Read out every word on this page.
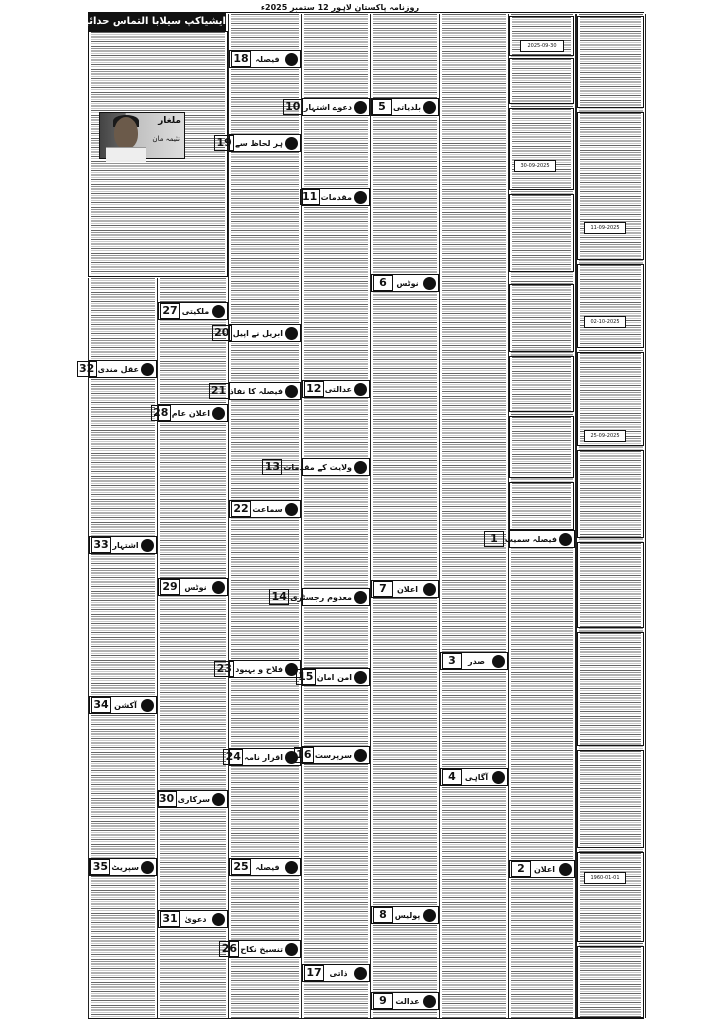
روزنامہ پاکستان لاہور 12 ستمبر 2025ء
ایشیاکپ سیلابا التماس حدائیر
ملغار
نثیمہ مان
2025-09-30
30-09-2025
02-10-2025
11-09-2025
25-09-2025
1960-01-01
فیصلہ
18
ہر لحاظ سے
19
ابریل نے اپیل
20
فیصلہ کا نفاذ
21
سماعت
22
فلاح و بہبود
23
اقرار نامہ
24
فیصلہ
25
تنسیخ نکاح
26
ملکیتی
27
اعلان عام
28
نوٹس
29
سرکاری
30
دعویٰ
31
عقل مندی
32
اشتہار
33
آکشن
34
سپریٹ
35
دعوے اشتہار
10
مقدمات
11
عدالتی
12
ولایت کے مقدمات
13
معدوم رجسٹری
14
امن امان
15
سرپرست
16
ذاتی
17
بلدیاتی
5
نوٹس
6
اعلان
7
پولیس
8
عدالت
9
فیصلہ سمیت
1
اعلان
2
صدر
3
آگاہی
4
